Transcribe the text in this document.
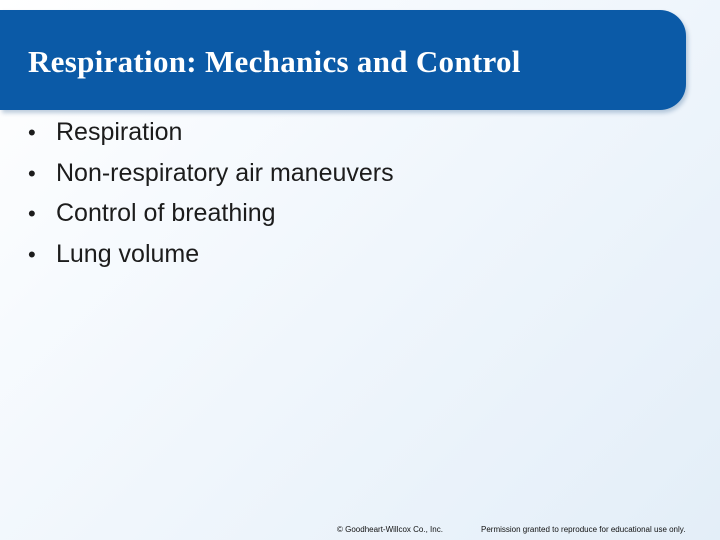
Respiration: Mechanics and Control
• Respiration
• Non-respiratory air maneuvers
• Control of breathing
• Lung volume
© Goodheart-Willcox Co., Inc.	Permission granted to reproduce for educational use only.
